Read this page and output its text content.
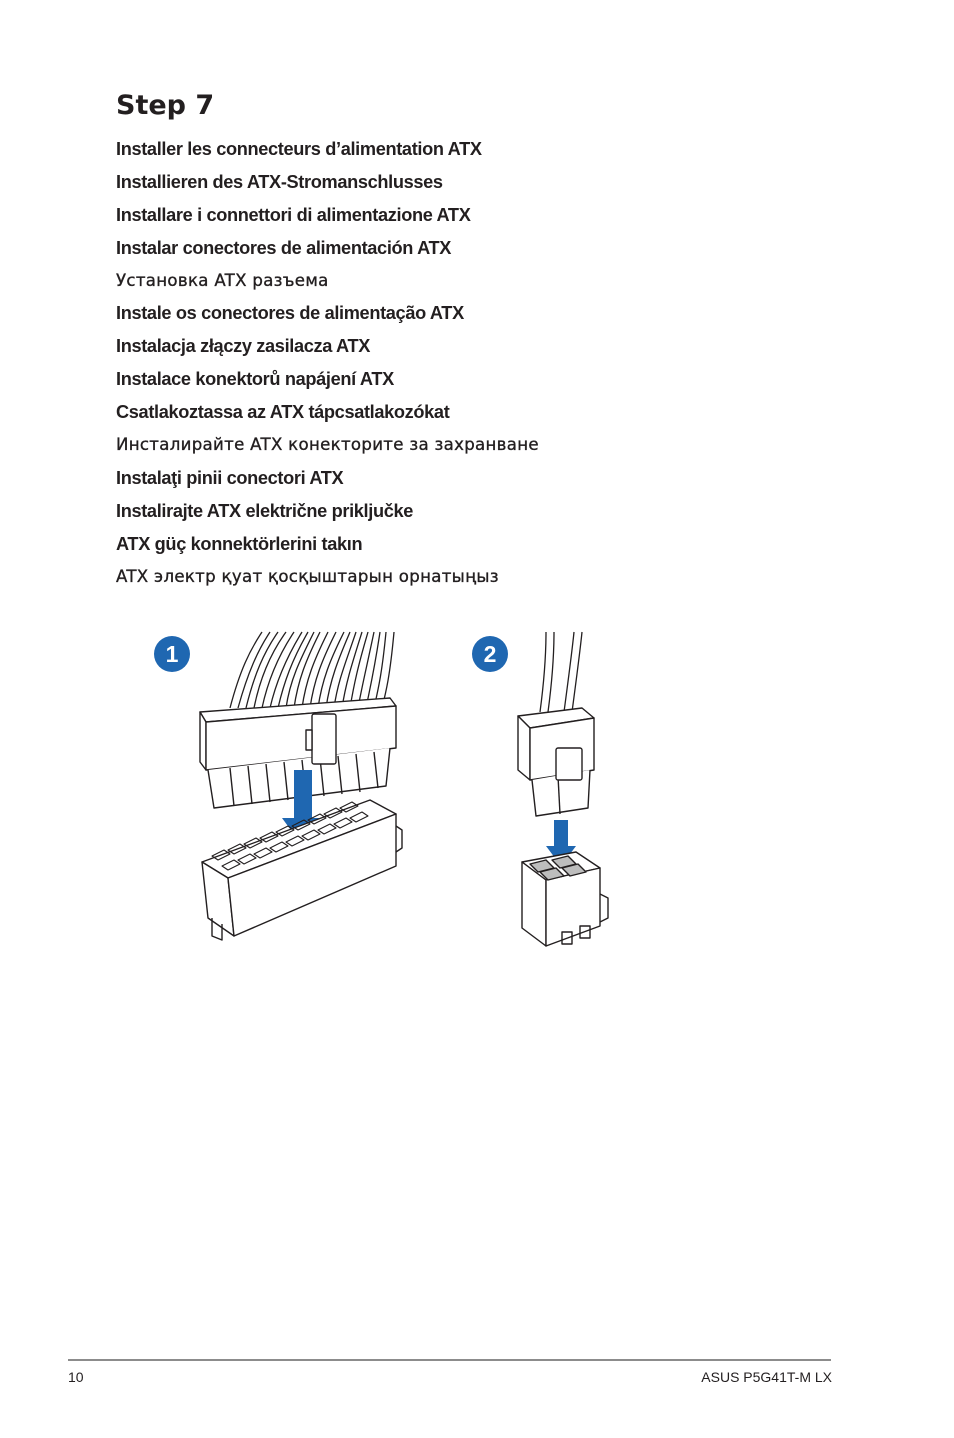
Step 7
Installer les connecteurs d’alimentation ATX
Installieren des ATX-Stromanschlusses
Installare i connettori di alimentazione ATX
Instalar conectores de alimentación ATX
Установка ATX разъема
Instale os conectores de alimentação ATX
Instalacja złączy zasilacza ATX
Instalace konektorů napájení ATX
Csatlakoztassa az ATX tápcsatlakozókat
Инсталирайте ATX конекторите за захранване
Instalaţi pinii conectori ATX
Instalirajte ATX električne priključke
ATX güç konnektörlerini takın
ATX электр қуат қосқыштарын орнатыңыз
1	2
10	ASUS P5G41T-M LX
